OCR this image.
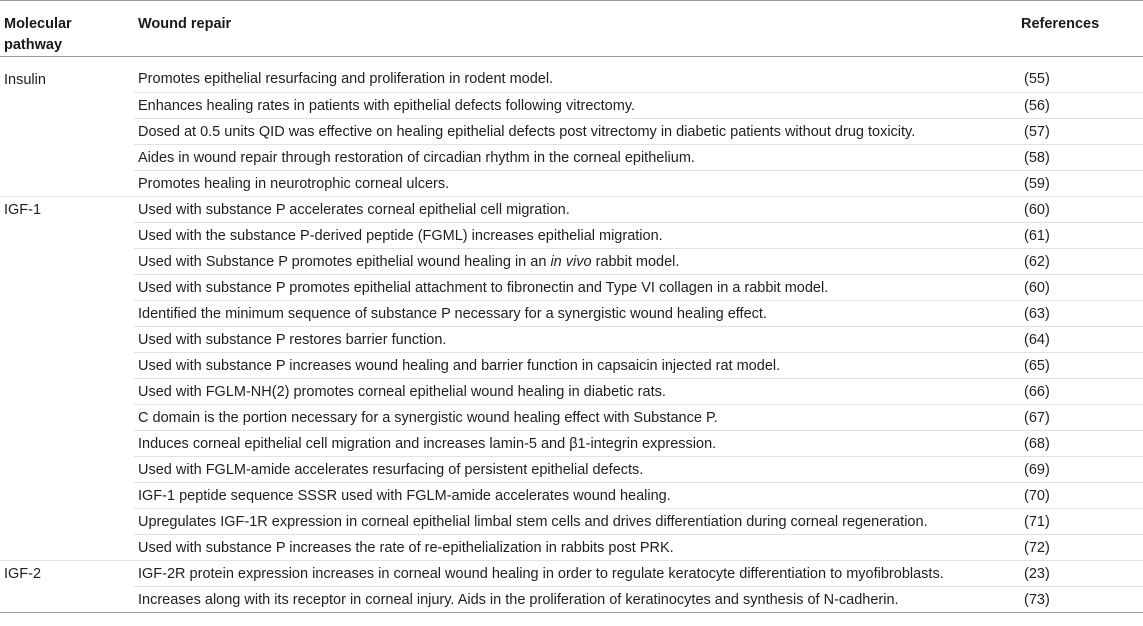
Molecular
pathway	Wound repair	References

Insulin	Promotes epithelial resurfacing and proliferation in rodent model.	(55)
	Enhances healing rates in patients with epithelial defects following vitrectomy.	(56)
	Dosed at 0.5 units QID was effective on healing epithelial defects post vitrectomy in diabetic patients without drug toxicity.	(57)
	Aides in wound repair through restoration of circadian rhythm in the corneal epithelium.	(58)
	Promotes healing in neurotrophic corneal ulcers.	(59)
IGF-1	Used with substance P accelerates corneal epithelial cell migration.	(60)
	Used with the substance P-derived peptide (FGML) increases epithelial migration.	(61)
	Used with Substance P promotes epithelial wound healing in an in vivo rabbit model.	(62)
	Used with substance P promotes epithelial attachment to fibronectin and Type VI collagen in a rabbit model.	(60)
	Identified the minimum sequence of substance P necessary for a synergistic wound healing effect.	(63)
	Used with substance P restores barrier function.	(64)
	Used with substance P increases wound healing and barrier function in capsaicin injected rat model.	(65)
	Used with FGLM-NH(2) promotes corneal epithelial wound healing in diabetic rats.	(66)
	C domain is the portion necessary for a synergistic wound healing effect with Substance P.	(67)
	Induces corneal epithelial cell migration and increases lamin-5 and β1-integrin expression.	(68)
	Used with FGLM-amide accelerates resurfacing of persistent epithelial defects.	(69)
	IGF-1 peptide sequence SSSR used with FGLM-amide accelerates wound healing.	(70)
	Upregulates IGF-1R expression in corneal epithelial limbal stem cells and drives differentiation during corneal regeneration.	(71)
	Used with substance P increases the rate of re-epithelialization in rabbits post PRK.	(72)
IGF-2	IGF-2R protein expression increases in corneal wound healing in order to regulate keratocyte differentiation to myofibroblasts.	(23)
	Increases along with its receptor in corneal injury. Aids in the proliferation of keratinocytes and synthesis of N-cadherin.	(73)
